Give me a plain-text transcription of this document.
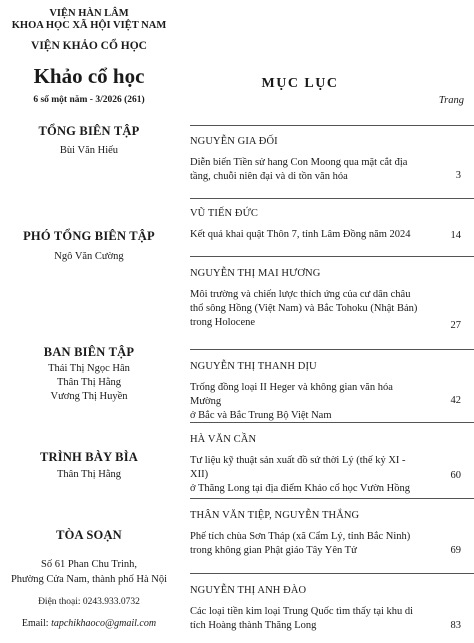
VIỆN HÀN LÂM
KHOA HỌC XÃ HỘI VIỆT NAM
VIỆN KHẢO CỔ HỌC
Khảo cổ học
6 số một năm - 3/2026 (261)
TỔNG BIÊN TẬP
Bùi Văn Hiếu
PHÓ TỔNG BIÊN TẬP
Ngô Văn Cường
BAN BIÊN TẬP
Thái Thị Ngọc Hân
Thân Thị Hằng
Vương Thị Huyền
TRÌNH BÀY BÌA
Thân Thị Hằng
TÒA SOẠN
Số 61 Phan Chu Trinh,
Phường Cửa Nam, thành phố Hà Nội
Điện thoại: 0243.933.0732
Email: tapchikhaoco@gmail.com
MỤC LỤC
Trang
NGUYỄN GIA ĐỐI
Diễn biến Tiền sử hang Con Moong qua mặt cắt địa
tầng, chuỗi niên đại và di tồn văn hóa	3
VŨ TIẾN ĐỨC
Kết quả khai quật Thôn 7, tỉnh Lâm Đồng năm 2024	14
NGUYỄN THỊ MAI HƯƠNG
Môi trường và chiến lược thích ứng của cư dân châu
thổ sông Hồng (Việt Nam) và Bắc Tohoku (Nhật Bản)
trong Holocene	27
NGUYỄN THỊ THANH DỊU
Trống đồng loại II Heger và không gian văn hóa Mường
ở Bắc và Bắc Trung Bộ Việt Nam
42
HÀ VĂN CẦN
Tư liệu kỹ thuật sản xuất đồ sứ thời Lý (thế kỷ XI - XII)
ở Thăng Long tại địa điểm Khảo cổ học Vườn Hồng
60
THÂN VĂN TIỆP, NGUYỄN THẮNG
Phế tích chùa Sơn Tháp (xã Cẩm Lý, tỉnh Bắc Ninh)
trong không gian Phật giáo Tây Yên Tử	69
NGUYỄN THỊ ANH ĐÀO
Các loại tiền kim loại Trung Quốc tìm thấy tại khu di
tích Hoàng thành Thăng Long	83
